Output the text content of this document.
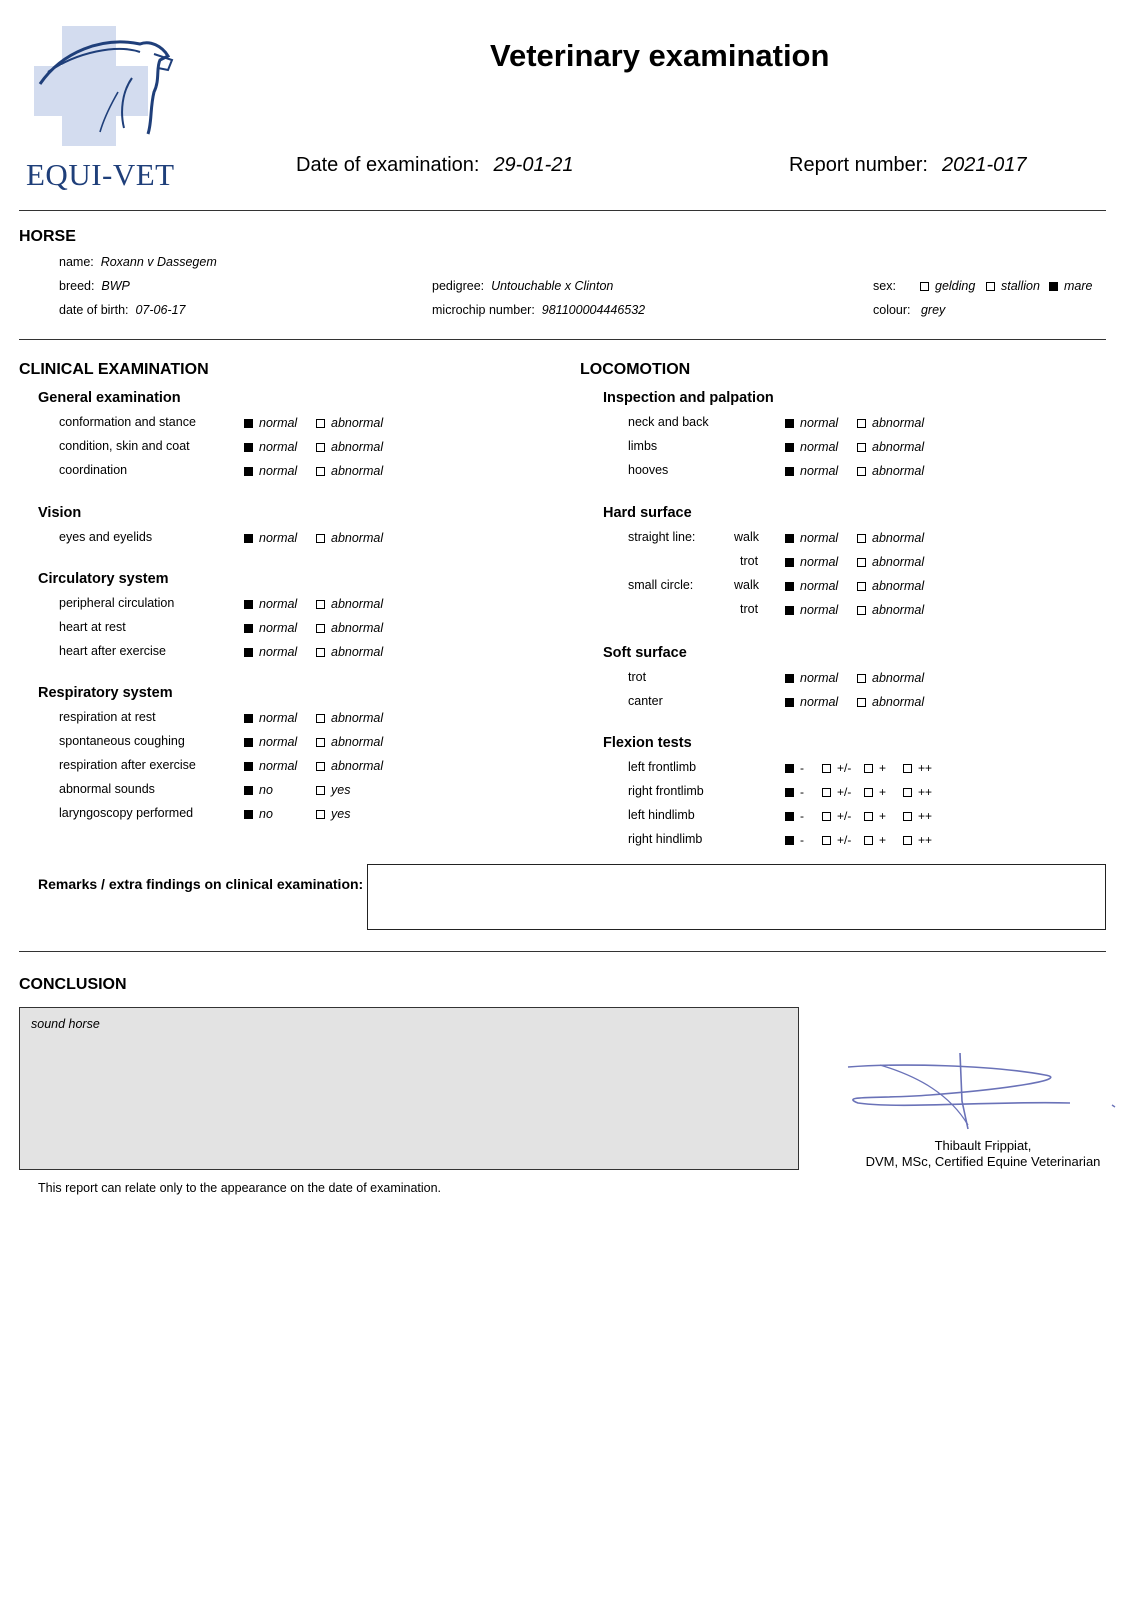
EQUI-VET
Veterinary examination
Date of examination: 29-01-21	Report number: 2021-017
HORSE
name: Roxann v Dassegem
breed: BWP
date of birth: 07-06-17
pedigree: Untouchable x Clinton
microchip number: 981100004446532
sex:	gelding stallion mare
colour: grey
CLINICAL EXAMINATION	LOCOMOTION
Remarks / extra findings on clinical examination:
CONCLUSION
sound horse
Thibault Frippiat,
DVM, MSc, Certified Equine Veterinarian
This report can relate only to the appearance on the date of examination.
General examination
conformation and stance	normal	abnormal
condition, skin and coat	normal	abnormal
coordination	normal	abnormal
Vision
eyes and eyelids	normal	abnormal
Circulatory system
peripheral circulation	normal	abnormal
heart at rest	normal	abnormal
heart after exercise	normal	abnormal
Respiratory system
respiration at rest	normal	abnormal
spontaneous coughing	normal	abnormal
respiration after exercise	normal	abnormal
abnormal sounds	no	yes
laryngoscopy performed	no	yes
Inspection and palpation
neck and back	normal	abnormal
limbs	normal	abnormal
hooves	normal	abnormal
Hard surface
straight line:	walk	normal	abnormal
trot	normal	abnormal
small circle:	walk	normal	abnormal
trot	normal	abnormal
Soft surface
trot	normal	abnormal
canter	normal	abnormal
Flexion tests
left frontlimb	-	+/- +	++
right frontlimb	-	+/- +	++
left hindlimb	-	+/- +	++
right hindlimb	-	+/- +	++
